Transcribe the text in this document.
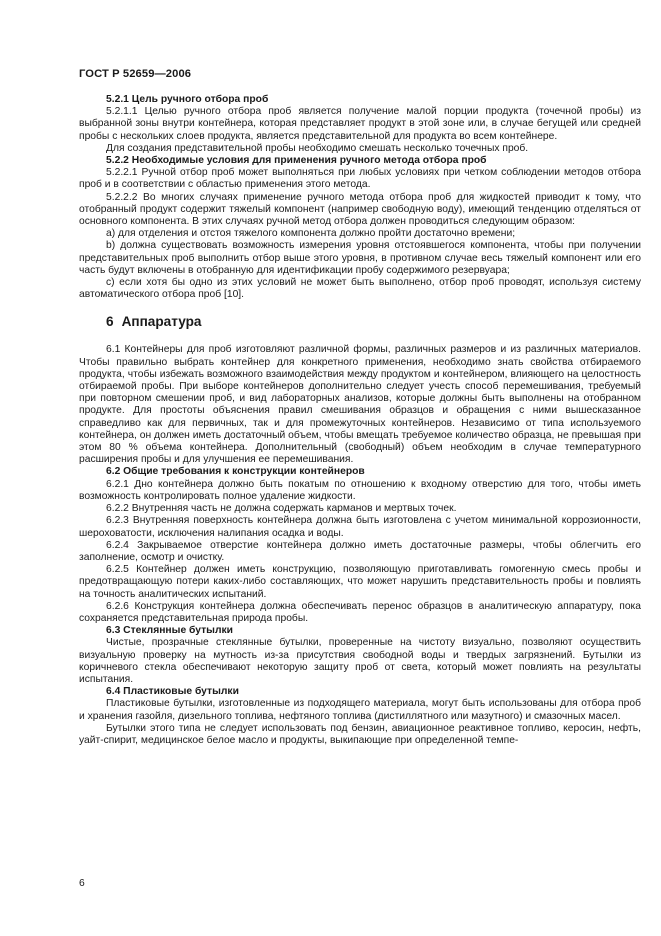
ГОСТ Р 52659—2006

5.2.1 Цель ручного отбора проб

5.2.1.1 Целью ручного отбора проб является получение малой порции продукта (точечной пробы) из выбранной зоны внутри контейнера, которая представляет продукт в этой зоне или, в случае бегущей или средней пробы с нескольких слоев продукта, является представительной для продукта во всем контейнере.

Для создания представительной пробы необходимо смешать несколько точечных проб.

5.2.2 Необходимые условия для применения ручного метода отбора проб

5.2.2.1 Ручной отбор проб может выполняться при любых условиях при четком соблюдении методов отбора проб и в соответствии с областью применения этого метода.

5.2.2.2 Во многих случаях применение ручного метода отбора проб для жидкостей приводит к тому, что отобранный продукт содержит тяжелый компонент (например свободную воду), имеющий тенденцию отделяться от основного компонента. В этих случаях ручной метод отбора должен проводиться следующим образом:

a) для отделения и отстоя тяжелого компонента должно пройти достаточно времени;

b) должна существовать возможность измерения уровня отстоявшегося компонента, чтобы при получении представительных проб выполнить отбор выше этого уровня, в противном случае весь тяжелый компонент или его часть будут включены в отобранную для идентификации пробу содержимого резервуара;

c) если хотя бы одно из этих условий не может быть выполнено, отбор проб проводят, используя систему автоматического отбора проб [10].

6 Аппаратура

6.1 Контейнеры для проб изготовляют различной формы, различных размеров и из различных материалов. Чтобы правильно выбрать контейнер для конкретного применения, необходимо знать свойства отбираемого продукта, чтобы избежать возможного взаимодействия между продуктом и контейнером, влияющего на целостность отбираемой пробы. При выборе контейнеров дополнительно следует учесть способ перемешивания, требуемый при повторном смешении проб, и вид лабораторных анализов, которые должны быть выполнены на отобранном продукте. Для простоты объяснения правил смешивания образцов и обращения с ними вышесказанное справедливо как для первичных, так и для промежуточных контейнеров. Независимо от типа используемого контейнера, он должен иметь достаточный объем, чтобы вмещать требуемое количество образца, не превышая при этом 80 % объема контейнера. Дополнительный (свободный) объем необходим в случае температурного расширения пробы и для улучшения ее перемешивания.

6.2 Общие требования к конструкции контейнеров

6.2.1 Дно контейнера должно быть покатым по отношению к входному отверстию для того, чтобы иметь возможность контролировать полное удаление жидкости.

6.2.2 Внутренняя часть не должна содержать карманов и мертвых точек.

6.2.3 Внутренняя поверхность контейнера должна быть изготовлена с учетом минимальной коррозионности, шероховатости, исключения налипания осадка и воды.

6.2.4 Закрываемое отверстие контейнера должно иметь достаточные размеры, чтобы облегчить его заполнение, осмотр и очистку.

6.2.5 Контейнер должен иметь конструкцию, позволяющую приготавливать гомогенную смесь пробы и предотвращающую потери каких-либо составляющих, что может нарушить представительность пробы и повлиять на точность аналитических испытаний.

6.2.6 Конструкция контейнера должна обеспечивать перенос образцов в аналитическую аппаратуру, пока сохраняется представительная природа пробы.

6.3 Стеклянные бутылки

Чистые, прозрачные стеклянные бутылки, проверенные на чистоту визуально, позволяют осуществить визуальную проверку на мутность из-за присутствия свободной воды и твердых загрязнений. Бутылки из коричневого стекла обеспечивают некоторую защиту проб от света, который может повлиять на результаты испытания.

6.4 Пластиковые бутылки

Пластиковые бутылки, изготовленные из подходящего материала, могут быть использованы для отбора проб и хранения газойля, дизельного топлива, нефтяного топлива (дистиллятного или мазутного) и смазочных масел.

Бутылки этого типа не следует использовать под бензин, авиационное реактивное топливо, керосин, нефть, уайт-спирит, медицинское белое масло и продукты, выкипающие при определенной темпе-

6
